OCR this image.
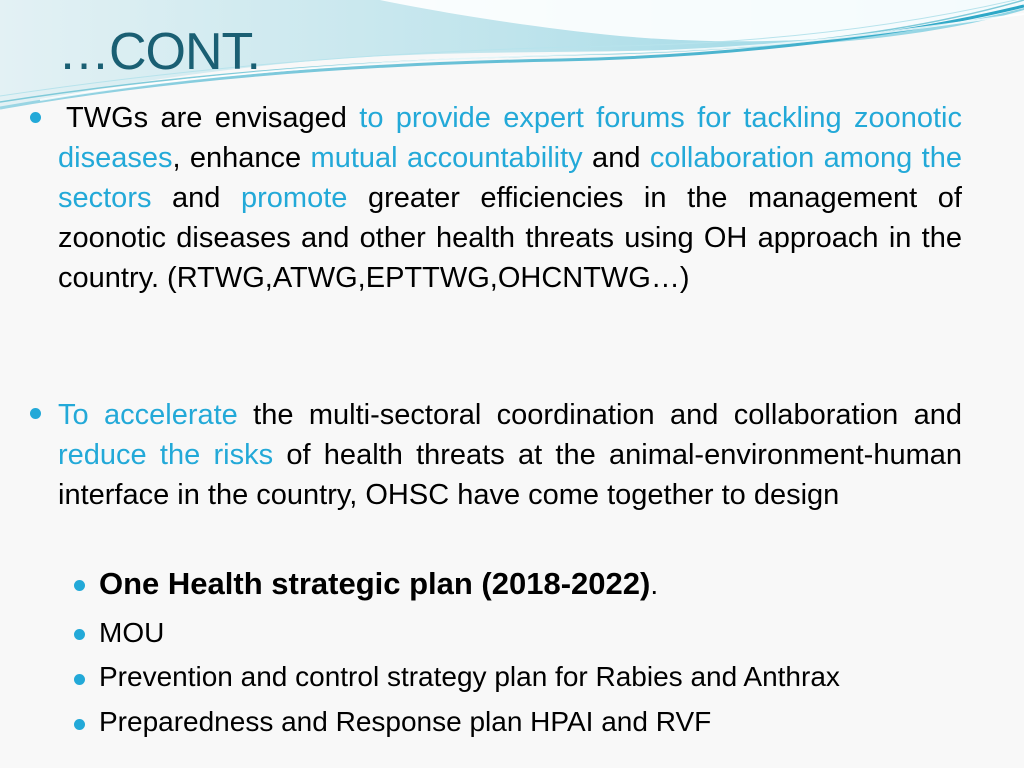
…CONT.
TWGs are envisaged to provide expert forums for tackling zoonotic diseases, enhance mutual accountability and collaboration among the sectors and promote greater efficiencies in the management of zoonotic diseases and other health threats using OH approach in the country. (RTWG,ATWG,EPTTWG,OHCNTWG…)
To accelerate the multi-sectoral coordination and collaboration and reduce the risks of health threats at the animal-environment-human interface in the country, OHSC have come together to design
One Health strategic plan (2018-2022).
MOU
Prevention and control strategy plan for Rabies and Anthrax
Preparedness and Response plan HPAI and RVF
